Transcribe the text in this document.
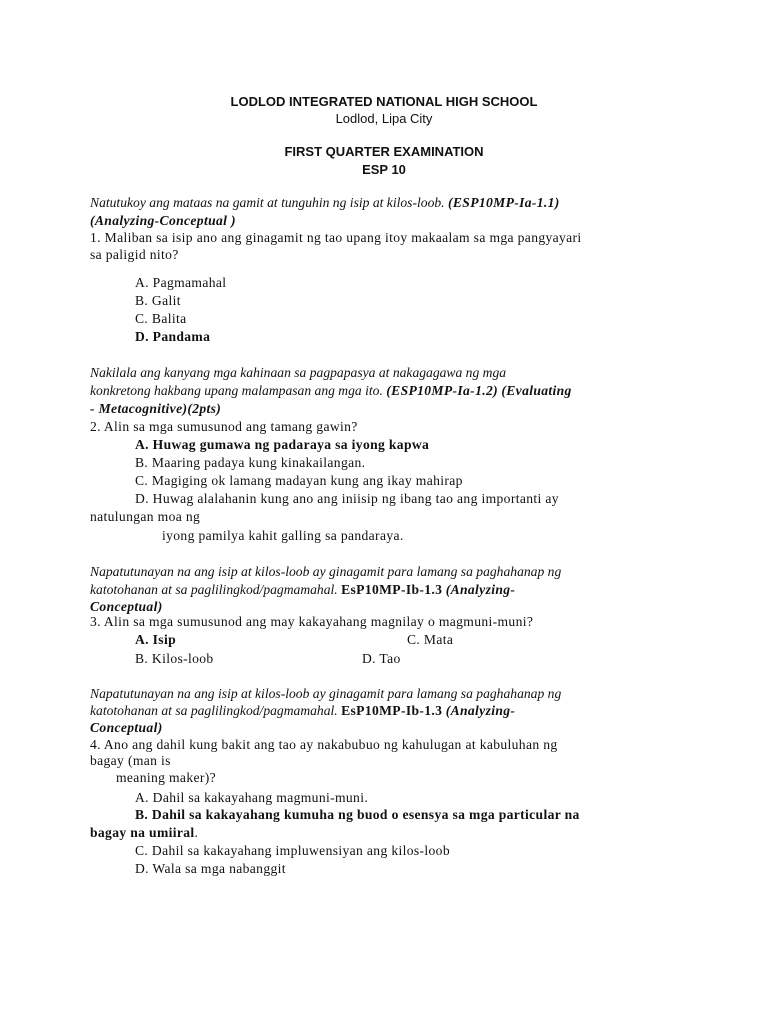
LODLOD INTEGRATED NATIONAL HIGH SCHOOL
Lodlod, Lipa City
FIRST QUARTER EXAMINATION
ESP 10
Natutukoy ang mataas na gamit at tunguhin ng isip at kilos-loob. (ESP10MP-Ia-1.1)
(Analyzing-Conceptual )
1. Maliban sa isip ano ang ginagamit ng tao upang itoy makaalam sa mga pangyayari
sa paligid nito?
A. Pagmamahal
B. Galit
C. Balita
D. Pandama
Nakilala ang kanyang mga kahinaan sa pagpapasya at nakagagawa ng mga
konkretong hakbang upang malampasan ang mga ito. (ESP10MP-Ia-1.2) (Evaluating
- Metacognitive)(2pts)
2. Alin sa mga sumusunod ang tamang gawin?
A. Huwag gumawa ng padaraya sa iyong kapwa
B. Maaring padaya kung kinakailangan.
C. Magiging ok lamang madayan kung ang ikay mahirap
D. Huwag alalahanin kung ano ang iniisip ng ibang tao ang importanti ay
natulungan moa ng
iyong pamilya kahit galling sa pandaraya.
Napatutunayan na ang isip at kilos-loob ay ginagamit para lamang sa paghahanap ng
katotohanan at sa paglilingkod/pagmamahal. EsP10MP-Ib-1.3 (Analyzing-
Conceptual)
3. Alin sa mga sumusunod ang may kakayahang magnilay o magmuni-muni?
A. Isip	C. Mata
B. Kilos-loob	D. Tao
Napatutunayan na ang isip at kilos-loob ay ginagamit para lamang sa paghahanap ng
katotohanan at sa paglilingkod/pagmamahal. EsP10MP-Ib-1.3 (Analyzing-
Conceptual)
4. Ano ang dahil kung bakit ang tao ay nakabubuo ng kahulugan at kabuluhan ng
bagay (man is
meaning maker)?
A. Dahil sa kakayahang magmuni-muni.
B. Dahil sa kakayahang kumuha ng buod o esensya sa mga particular na
bagay na umiiral.
C. Dahil sa kakayahang impluwensiyan ang kilos-loob
D. Wala sa mga nabanggit
